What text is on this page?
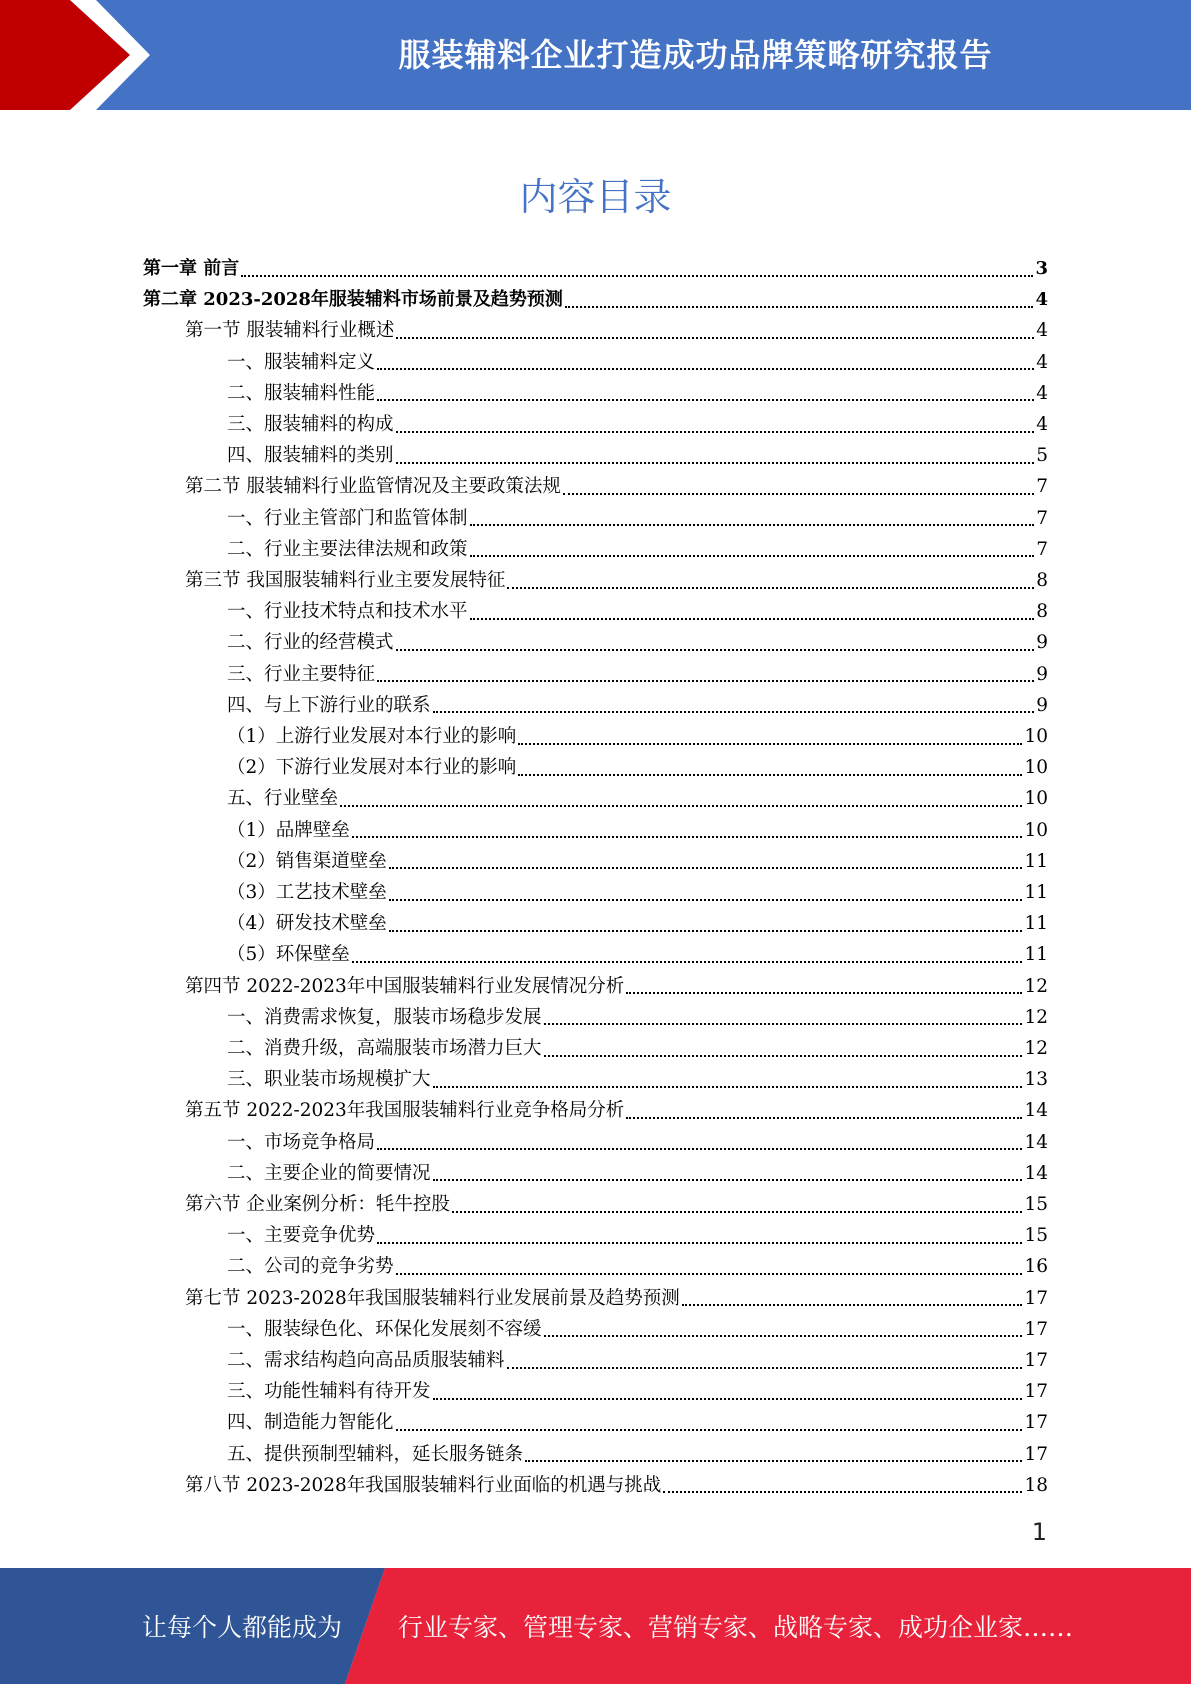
服装辅料企业打造成功品牌策略研究报告
内容目录
第一章 前言	3
第二章 2023-2028年服装辅料市场前景及趋势预测	4
第一节 服装辅料行业概述	4
一、服装辅料定义	4
二、服装辅料性能	4
三、服装辅料的构成	4
四、服装辅料的类别	5
第二节 服装辅料行业监管情况及主要政策法规	7
一、行业主管部门和监管体制	7
二、行业主要法律法规和政策	7
第三节 我国服装辅料行业主要发展特征	8
一、行业技术特点和技术水平	8
二、行业的经营模式	9
三、行业主要特征	9
四、与上下游行业的联系	9
（1）上游行业发展对本行业的影响	10
（2）下游行业发展对本行业的影响	10
五、行业壁垒	10
（1）品牌壁垒	10
（2）销售渠道壁垒	11
（3）工艺技术壁垒	11
（4）研发技术壁垒	11
（5）环保壁垒	11
第四节 2022-2023年中国服装辅料行业发展情况分析	12
一、消费需求恢复，服装市场稳步发展	12
二、消费升级，高端服装市场潜力巨大	12
三、职业装市场规模扩大	13
第五节 2022-2023年我国服装辅料行业竞争格局分析	14
一、市场竞争格局	14
二、主要企业的简要情况	14
第六节 企业案例分析：牦牛控股	15
一、主要竞争优势	15
二、公司的竞争劣势	16
第七节 2023-2028年我国服装辅料行业发展前景及趋势预测	17
一、服装绿色化、环保化发展刻不容缓	17
二、需求结构趋向高品质服装辅料	17
三、功能性辅料有待开发	17
四、制造能力智能化	17
五、提供预制型辅料，延长服务链条	17
第八节 2023-2028年我国服装辅料行业面临的机遇与挑战	18
1
让每个人都能成为 行业专家、管理专家、营销专家、战略专家、成功企业家……
